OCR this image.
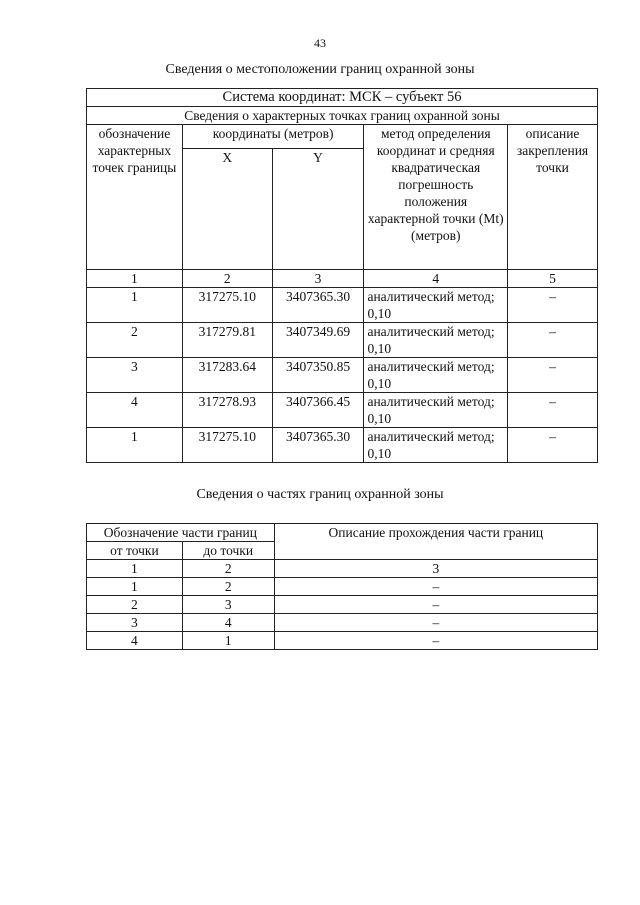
43
Сведения о местоположении границ охранной зоны
Система координат: МСК – субъект 56				
Сведения о характерных точках границ охранной зоны				
обозначение характерных точек границы	координаты (метров)		метод определения координат и средняя квадратическая погрешность положения характерной точки (Mt) (метров)	описание закрепления точки
	X	Y		
1	2	3	4	5
1	317275.10	3407365.30	аналитический метод; 0,10	–
2	317279.81	3407349.69	аналитический метод; 0,10	–
3	317283.64	3407350.85	аналитический метод; 0,10	–
4	317278.93	3407366.45	аналитический метод; 0,10	–
1	317275.10	3407365.30	аналитический метод; 0,10	–
Сведения о частях границ охранной зоны
Обозначение части границ		Описание прохождения части границ
от точки	до точки	
1	2	3
1	2	–
2	3	–
3	4	–
4	1	–
